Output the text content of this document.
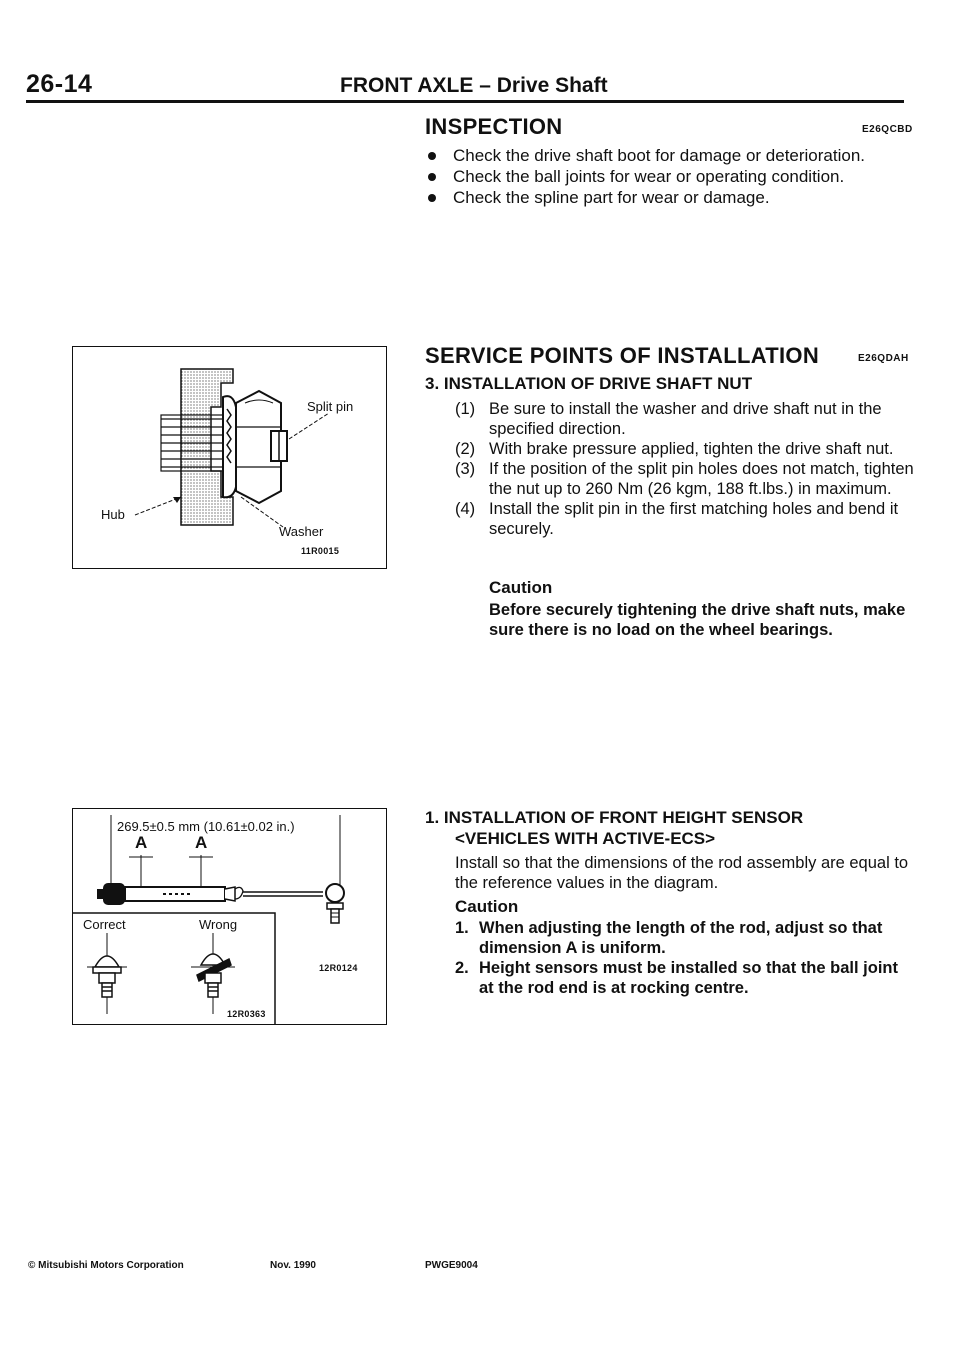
26-14	FRONT AXLE – Drive Shaft
INSPECTION	E26QCBD
Check the drive shaft boot for damage or deterioration.
Check the ball joints for wear or operating condition.
Check the spline part for wear or damage.
Split pin
Hub
Washer
11R0015
SERVICE POINTS OF INSTALLATION	E26QDAH
3. INSTALLATION OF DRIVE SHAFT NUT
(1) Be sure to install the washer and drive shaft nut in the specified direction.
(2) With brake pressure applied, tighten the drive shaft nut.
(3) If the position of the split pin holes does not match, tighten the nut up to 260 Nm (26 kgm, 188 ft.lbs.) in maximum.
(4) Install the split pin in the first matching holes and bend it securely.
Caution
Before securely tightening the drive shaft nuts, make sure there is no load on the wheel bearings.
269.5±0.5 mm (10.61±0.02 in.)
A	A
Correct	Wrong
12R0124
12R0363
1. INSTALLATION OF FRONT HEIGHT SENSOR
<VEHICLES WITH ACTIVE-ECS>
Install so that the dimensions of the rod assembly are equal to the reference values in the diagram.
Caution
1. When adjusting the length of the rod, adjust so that dimension A is uniform.
2. Height sensors must be installed so that the ball joint at the rod end is at rocking centre.
© Mitsubishi Motors Corporation	Nov. 1990	PWGE9004
